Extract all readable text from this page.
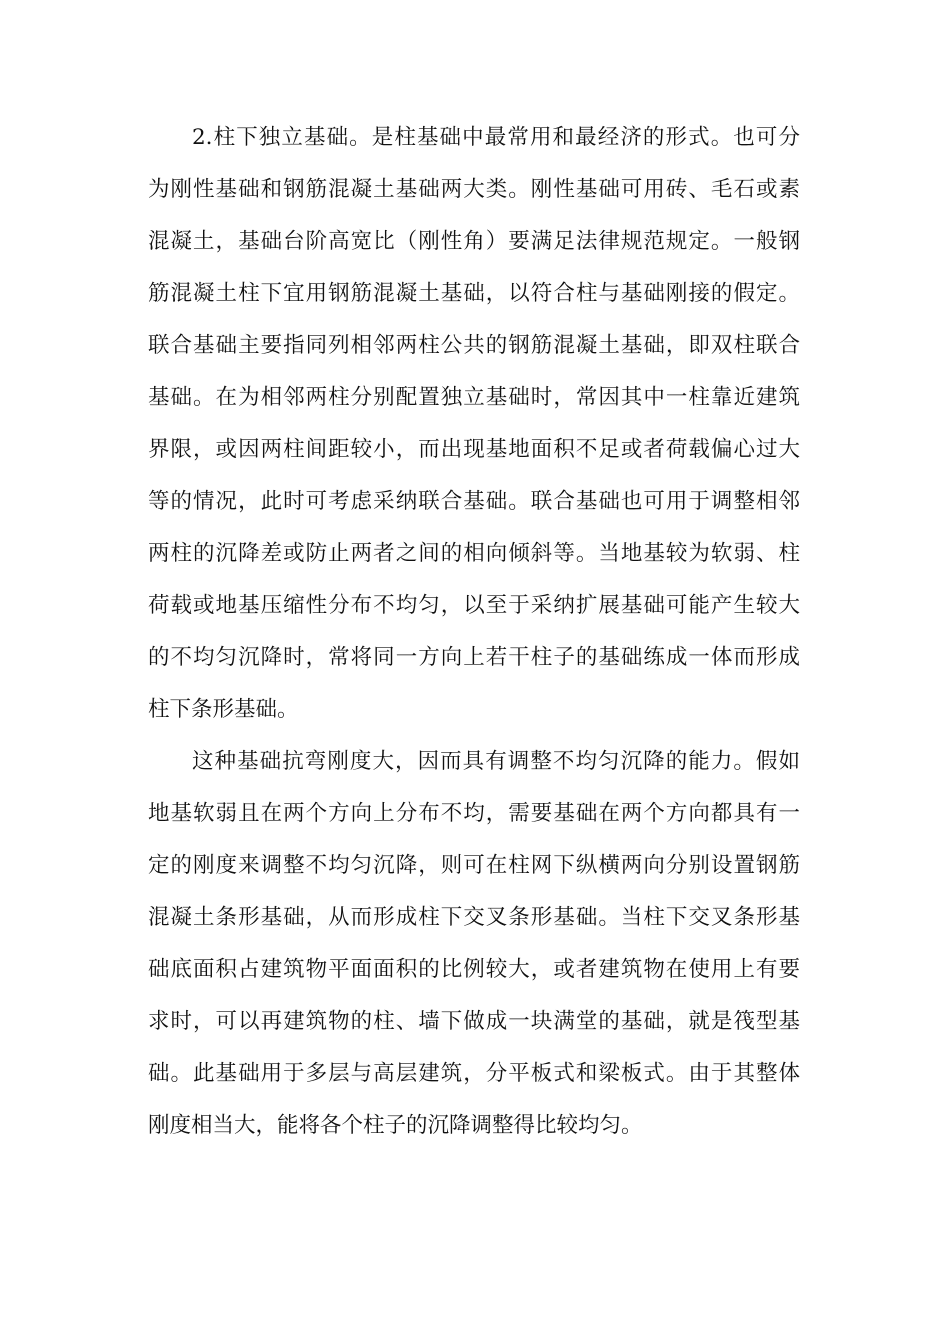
2.柱下独立基础。是柱基础中最常用和最经济的形式。也可分
为刚性基础和钢筋混凝土基础两大类。刚性基础可用砖、毛石或素
混凝土，基础台阶高宽比（刚性角）要满足法律规范规定。一般钢
筋混凝土柱下宜用钢筋混凝土基础，以符合柱与基础刚接的假定。
联合基础主要指同列相邻两柱公共的钢筋混凝土基础，即双柱联合
基础。在为相邻两柱分别配置独立基础时，常因其中一柱靠近建筑
界限，或因两柱间距较小，而出现基地面积不足或者荷载偏心过大
等的情况，此时可考虑采纳联合基础。联合基础也可用于调整相邻
两柱的沉降差或防止两者之间的相向倾斜等。当地基较为软弱、柱
荷载或地基压缩性分布不均匀，以至于采纳扩展基础可能产生较大
的不均匀沉降时，常将同一方向上若干柱子的基础练成一体而形成
柱下条形基础。
这种基础抗弯刚度大，因而具有调整不均匀沉降的能力。假如
地基软弱且在两个方向上分布不均，需要基础在两个方向都具有一
定的刚度来调整不均匀沉降，则可在柱网下纵横两向分别设置钢筋
混凝土条形基础，从而形成柱下交叉条形基础。当柱下交叉条形基
础底面积占建筑物平面面积的比例较大，或者建筑物在使用上有要
求时，可以再建筑物的柱、墙下做成一块满堂的基础，就是筏型基
础。此基础用于多层与高层建筑，分平板式和梁板式。由于其整体
刚度相当大，能将各个柱子的沉降调整得比较均匀。
